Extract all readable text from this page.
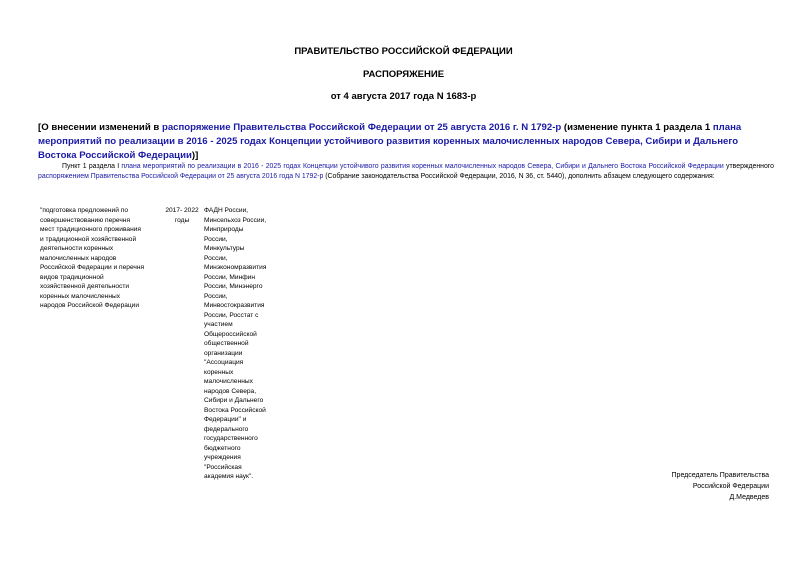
ПРАВИТЕЛЬСТВО РОССИЙСКОЙ ФЕДЕРАЦИИ
РАСПОРЯЖЕНИЕ
от 4 августа 2017 года N 1683-р
[О внесении изменений в распоряжение Правительства Российской Федерации от 25 августа 2016 г. N 1792-р (изменение пункта 1 раздела 1 плана мероприятий по реализации в 2016 - 2025 годах Концепции устойчивого развития коренных малочисленных народов Севера, Сибири и Дальнего Востока Российской Федерации)]
Пункт 1 раздела I плана мероприятий по реализации в 2016 - 2025 годах Концепции устойчивого развития коренных малочисленных народов Севера, Сибири и Дальнего Востока Российской Федерации утвержденного распоряжением Правительства Российской Федерации от 25 августа 2016 года N 1792-р (Собрание законодательства Российской Федерации, 2016, N 36, ст. 5440), дополнить абзацем следующего содержания:
"подготовка предложений по
совершенствованию перечня
мест традиционного проживания
и традиционной хозяйственной
деятельности коренных
малочисленных народов
Российской Федерации и перечня
видов традиционной
хозяйственной деятельности
коренных малочисленных
народов Российской Федерации
2017- 2022
годы
ФАДН России,
Минсельхоз России,
Минприроды
России,
Минкультуры
России,
Минэкономразвития
России, Минфин
России, Минэнерго
России,
Минвостокразвития
России, Росстат с
участием
Общероссийской
общественной
организации
"Ассоциация
коренных
малочисленных
народов Севера,
Сибири и Дальнего
Востока Российской
Федерации" и
федерального
государственного
бюджетного
учреждения
"Российская
академия наук".	Председатель Правительства
Российской Федерации
Д.Медведев
